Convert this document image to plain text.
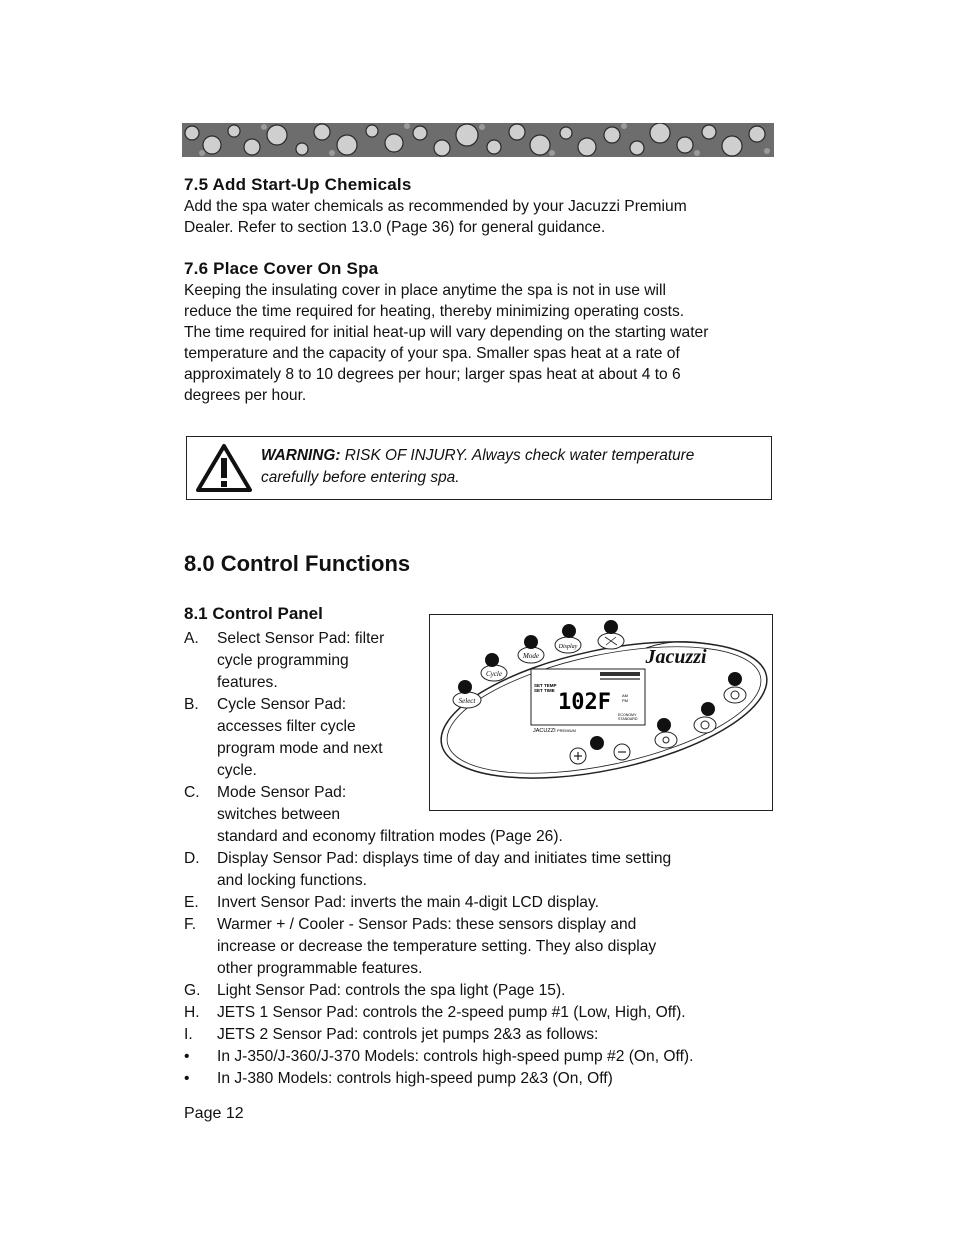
7.5 Add Start-Up Chemicals
Add the spa water chemicals as recommended by your Jacuzzi Premium
Dealer. Refer to section 13.0 (Page 36) for general guidance.
7.6 Place Cover On Spa
Keeping the insulating cover in place anytime the spa is not in use will
reduce the time required for heating, thereby minimizing operating costs.
The time required for initial heat-up will vary depending on the starting water
temperature and the capacity of your spa. Smaller spas heat at a rate of
approximately 8 to 10 degrees per hour; larger spas heat at about 4 to 6
degrees per hour.
WARNING: RISK OF INJURY. Always check water temperature
carefully before entering spa.
8.0 Control Functions
8.1 Control Panel
Select
Cycle
Mode
Display	Jacuzzi
SET TEMP
SET TIME 102F	AM
PM
ECONOMY
STANDARD
JACUZZI PREMIUM
A. Select Sensor Pad: filter
cycle programming
features.
B. Cycle Sensor Pad:
accesses filter cycle
program mode and next
cycle.
C. Mode Sensor Pad:
switches between
standard and economy filtration modes (Page 26).
D. Display Sensor Pad: displays time of day and initiates time setting
and locking functions.
E. Invert Sensor Pad: inverts the main 4-digit LCD display.
F. Warmer + / Cooler - Sensor Pads: these sensors display and
increase or decrease the temperature setting. They also display
other programmable features.
G. Light Sensor Pad: controls the spa light (Page 15).
H. JETS 1 Sensor Pad: controls the 2-speed pump #1 (Low, High, Off).
I. JETS 2 Sensor Pad: controls jet pumps 2&3 as follows:
• In J-350/J-360/J-370 Models: controls high-speed pump #2 (On, Off).
• In J-380 Models: controls high-speed pump 2&3 (On, Off)
Page 12
